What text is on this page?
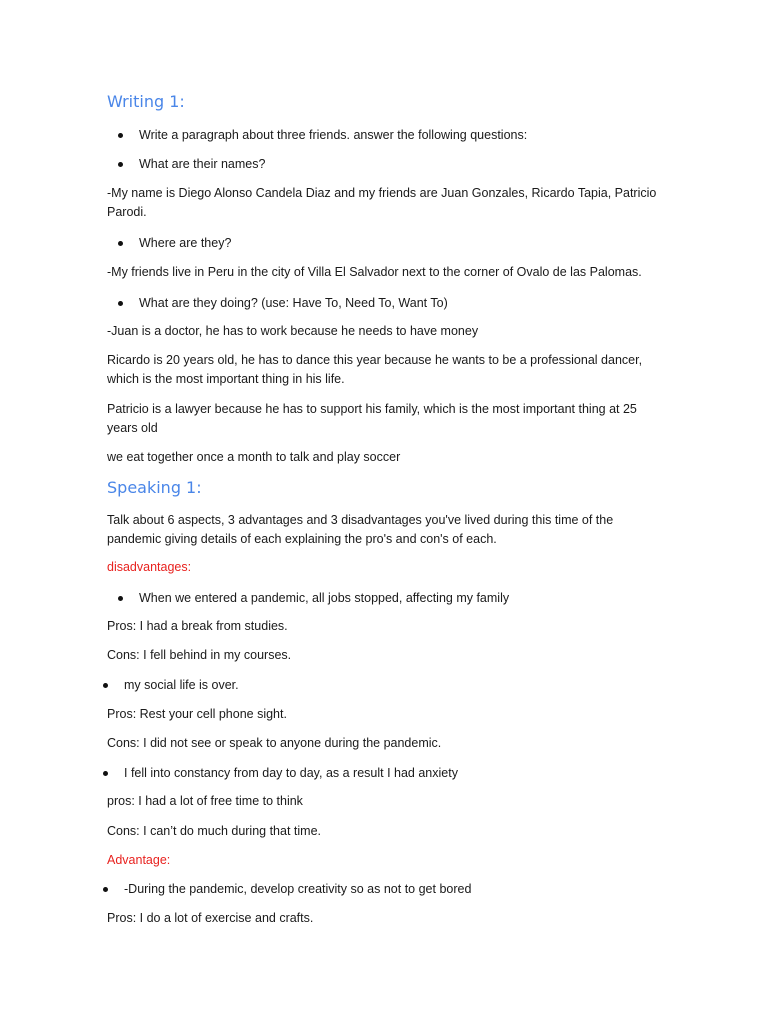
Writing 1:
Write a paragraph about three friends. answer the following questions:
What are their names?

-My name is Diego Alonso Candela Diaz and my friends are Juan Gonzales, Ricardo Tapia, Patricio Parodi.

Where are they?

-My friends live in Peru in the city of Villa El Salvador next to the corner of Ovalo de las Palomas.

What are they doing? (use: Have To, Need To, Want To)

-Juan is a doctor, he has to work because he needs to have money

Ricardo is 20 years old, he has to dance this year because he wants to be a professional dancer, which is the most important thing in his life.

Patricio is a lawyer because he has to support his family, which is the most important thing at 25 years old

we eat together once a month to talk and play soccer

Speaking 1:

Talk about 6 aspects, 3 advantages and 3 disadvantages you've lived during this time of the pandemic giving details of each explaining the pro's and con's of each.

disadvantages:

When we entered a pandemic, all jobs stopped, affecting my family

Pros: I had a break from studies.

Cons: I fell behind in my courses.

my social life is over.

Pros: Rest your cell phone sight.

Cons: I did not see or speak to anyone during the pandemic.

I fell into constancy from day to day, as a result I had anxiety

pros: I had a lot of free time to think

Cons: I can’t do much during that time.

Advantage:

-During the pandemic, develop creativity so as not to get bored

Pros: I do a lot of exercise and crafts.
